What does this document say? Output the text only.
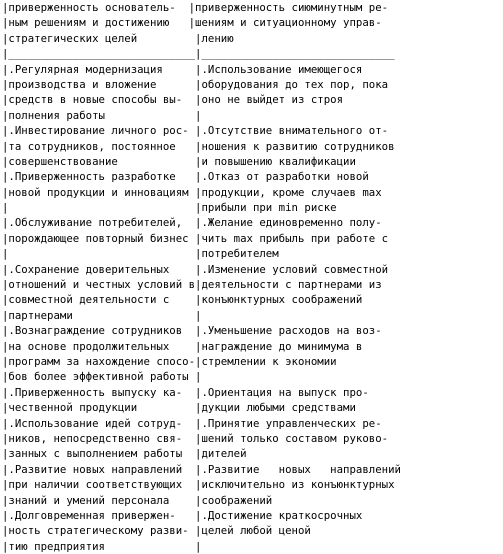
|приверженность основатель-  |приверженность сиюминутным ре-
|ным решениям и достижению   |шениям и ситуационному управ-
|стратегических целей         |лению
|_____________________________|______________________________
|.Регулярная модернизация     |.Использование имеющегося
|производства и вложение      |оборудования до тех пор, пока
|средств в новые способы вы-  |оно не выйдет из строя
|полнения работы              |
|.Инвестирование личного рос- |.Отсутствие внимательного от-
|та сотрудников, постоянное   |ношения к развитию сотрудников
|совершенствование            |и повышению квалификации
|.Приверженность разработке   |.Отказ от разработки новой
|новой продукции и инновациям |продукции, кроме случаев max
|                             |прибыли при min риске
|.Обслуживание потребителей,  |.Желание единовременно полу-
|порождающее повторный бизнес |чить max прибыль при работе с
|                             |потребителем
|.Сохранение доверительных    |.Изменение условий совместной
|отношений и честных условий в|деятельности с партнерами из
|совместной деятельности с    |конъюнктурных соображений
|партнерами                   |
|.Вознаграждение сотрудников  |.Уменьшение расходов на воз-
|на основе продолжительных    |награждение до минимума в
|программ за нахождение спосо-|стремлении к экономии
|бов более эффективной работы |
|.Приверженность выпуску ка-  |.Ориентация на выпуск про-
|чественной продукции         |дукции любыми средствами
|.Использование идей сотруд-  |.Принятие управленческих ре-
|ников, непосредственно свя-  |шений только составом руково-
|занных с выполнением работы  |дителей
|.Развитие новых направлений  |.Развитие   новых   направлений
|при наличии соответствующих  |исключительно из конъюнктурных
|знаний и умений персонала    |соображений
|.Долговременная привержен-   |.Достижение краткосрочных
|ность стратегическому разви- |целей любой ценой
|тию предприятия              |
